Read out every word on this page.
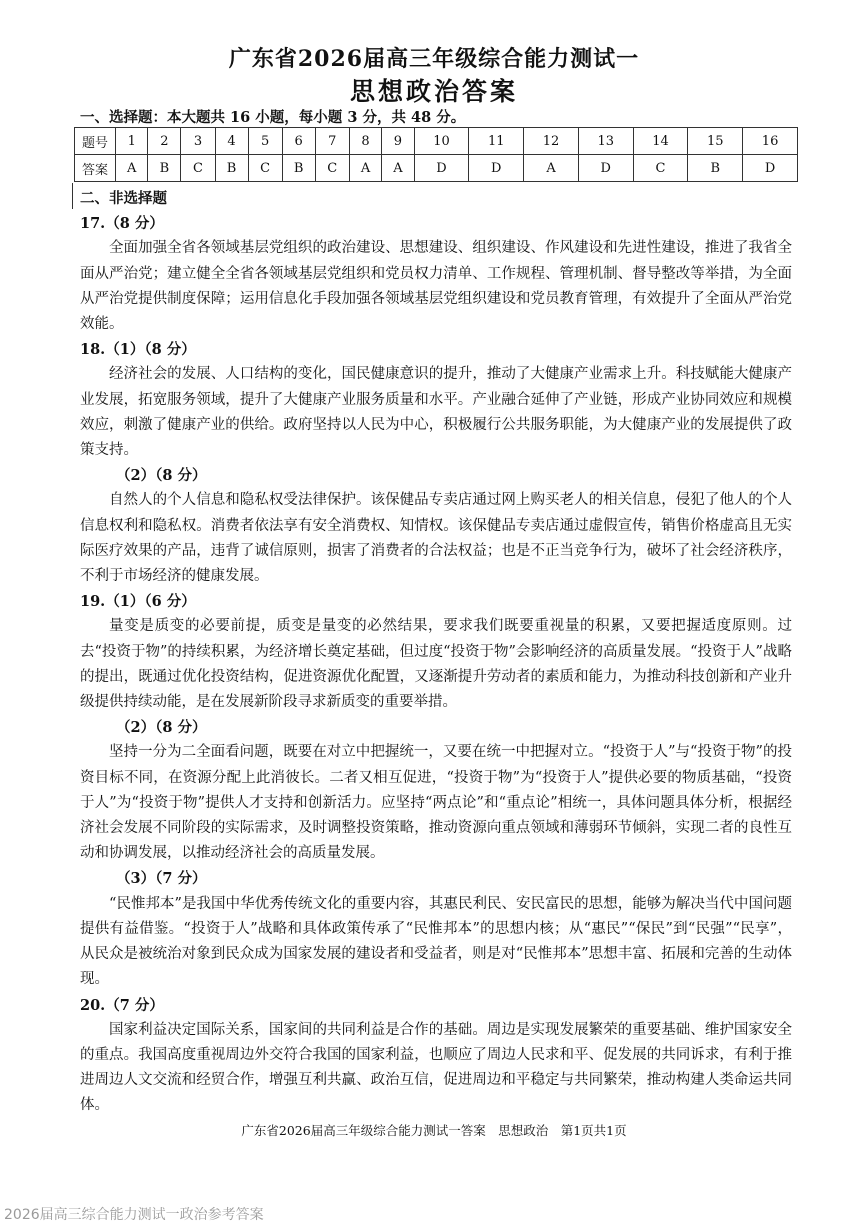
广东省2026届高三年级综合能力测试一
思想政治答案
一、选择题：本大题共 16 小题，每小题 3 分，共 48 分。
题号	1	2	3	4	5	6	7	8	9	10	11	12	13	14	15	16
答案	A	B	C	B	C	B	C	A	A	D	D	A	D	C	B	D

二、非选择题

17.（8 分）

全面加强全省各领域基层党组织的政治建设、思想建设、组织建设、作风建设和先进性建设，推进了我省全面从严治党；建立健全全省各领域基层党组织和党员权力清单、工作规程、管理机制、督导整改等举措，为全面从严治党提供制度保障；运用信息化手段加强各领域基层党组织建设和党员教育管理，有效提升了全面从严治党效能。

18.（1）（8 分）

经济社会的发展、人口结构的变化，国民健康意识的提升，推动了大健康产业需求上升。科技赋能大健康产业发展，拓宽服务领域，提升了大健康产业服务质量和水平。产业融合延伸了产业链，形成产业协同效应和规模效应，刺激了健康产业的供给。政府坚持以人民为中心，积极履行公共服务职能，为大健康产业的发展提供了政策支持。

（2）（8 分）

自然人的个人信息和隐私权受法律保护。该保健品专卖店通过网上购买老人的相关信息，侵犯了他人的个人信息权利和隐私权。消费者依法享有安全消费权、知情权。该保健品专卖店通过虚假宣传，销售价格虚高且无实际医疗效果的产品，违背了诚信原则，损害了消费者的合法权益；也是不正当竞争行为，破坏了社会经济秩序，不利于市场经济的健康发展。

19.（1）（6 分）

量变是质变的必要前提，质变是量变的必然结果，要求我们既要重视量的积累，又要把握适度原则。过去“投资于物”的持续积累，为经济增长奠定基础，但过度“投资于物”会影响经济的高质量发展。“投资于人”战略的提出，既通过优化投资结构，促进资源优化配置，又逐渐提升劳动者的素质和能力，为推动科技创新和产业升级提供持续动能，是在发展新阶段寻求新质变的重要举措。

（2）（8 分）

坚持一分为二全面看问题，既要在对立中把握统一，又要在统一中把握对立。“投资于人”与“投资于物”的投资目标不同，在资源分配上此消彼长。二者又相互促进，“投资于物”为“投资于人”提供必要的物质基础，“投资于人”为“投资于物”提供人才支持和创新活力。应坚持“两点论”和“重点论”相统一，具体问题具体分析，根据经济社会发展不同阶段的实际需求，及时调整投资策略，推动资源向重点领域和薄弱环节倾斜，实现二者的良性互动和协调发展，以推动经济社会的高质量发展。

（3）（7 分）

“民惟邦本”是我国中华优秀传统文化的重要内容，其惠民利民、安民富民的思想，能够为解决当代中国问题提供有益借鉴。“投资于人”战略和具体政策传承了“民惟邦本”的思想内核；从“惠民”“保民”到“民强”“民享”，从民众是被统治对象到民众成为国家发展的建设者和受益者，则是对“民惟邦本”思想丰富、拓展和完善的生动体现。

20.（7 分）

国家利益决定国际关系，国家间的共同利益是合作的基础。周边是实现发展繁荣的重要基础、维护国家安全的重点。我国高度重视周边外交符合我国的国家利益，也顺应了周边人民求和平、促发展的共同诉求，有利于推进周边人文交流和经贸合作，增强互利共赢、政治互信，促进周边和平稳定与共同繁荣，推动构建人类命运共同体。

广东省2026届高三年级综合能力测试一答案　思想政治　第1页共1页
2026届高三综合能力测试一政治参考答案
